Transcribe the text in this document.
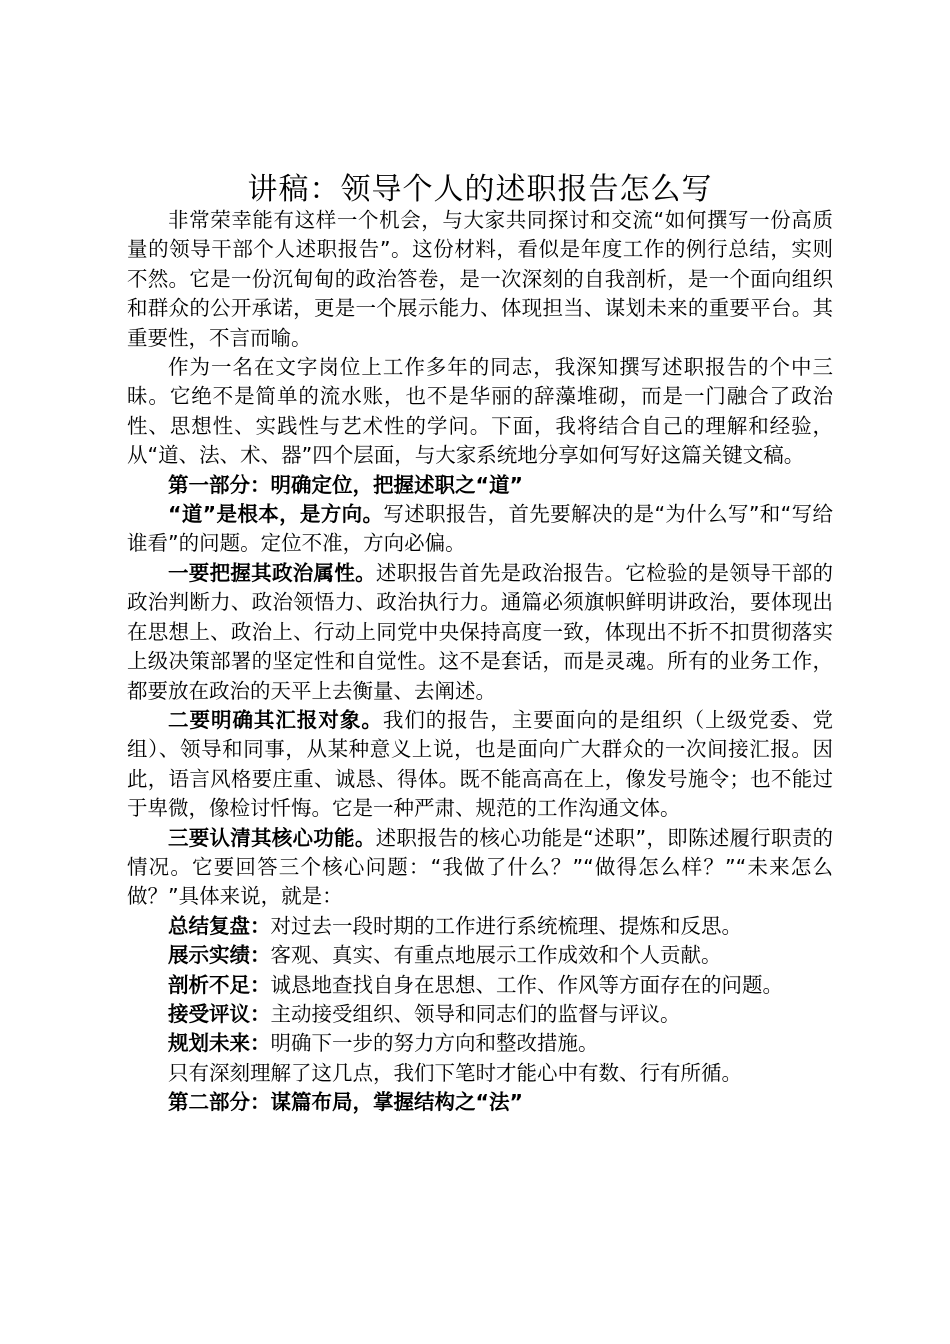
讲稿：领导个人的述职报告怎么写

非常荣幸能有这样一个机会，与大家共同探讨和交流“如何撰写一份高质量的领导干部个人述职报告”。这份材料，看似是年度工作的例行总结，实则不然。它是一份沉甸甸的政治答卷，是一次深刻的自我剖析，是一个面向组织和群众的公开承诺，更是一个展示能力、体现担当、谋划未来的重要平台。其重要性，不言而喻。

作为一名在文字岗位上工作多年的同志，我深知撰写述职报告的个中三昧。它绝不是简单的流水账，也不是华丽的辞藻堆砌，而是一门融合了政治性、思想性、实践性与艺术性的学问。下面，我将结合自己的理解和经验，从“道、法、术、器”四个层面，与大家系统地分享如何写好这篇关键文稿。

第一部分：明确定位，把握述职之“道”

“道”是根本，是方向。写述职报告，首先要解决的是“为什么写”和“写给谁看”的问题。定位不准，方向必偏。

一要把握其政治属性。述职报告首先是政治报告。它检验的是领导干部的政治判断力、政治领悟力、政治执行力。通篇必须旗帜鲜明讲政治，要体现出在思想上、政治上、行动上同党中央保持高度一致，体现出不折不扣贯彻落实上级决策部署的坚定性和自觉性。这不是套话，而是灵魂。所有的业务工作，都要放在政治的天平上去衡量、去阐述。

二要明确其汇报对象。我们的报告，主要面向的是组织（上级党委、党组）、领导和同事，从某种意义上说，也是面向广大群众的一次间接汇报。因此，语言风格要庄重、诚恳、得体。既不能高高在上，像发号施令；也不能过于卑微，像检讨忏悔。它是一种严肃、规范的工作沟通文体。

三要认清其核心功能。述职报告的核心功能是“述职”，即陈述履行职责的情况。它要回答三个核心问题：“我做了什么？”“做得怎么样？”“未来怎么做？”具体来说，就是：

总结复盘：对过去一段时期的工作进行系统梳理、提炼和反思。

展示实绩：客观、真实、有重点地展示工作成效和个人贡献。

剖析不足：诚恳地查找自身在思想、工作、作风等方面存在的问题。

接受评议：主动接受组织、领导和同志们的监督与评议。

规划未来：明确下一步的努力方向和整改措施。

只有深刻理解了这几点，我们下笔时才能心中有数、行有所循。

第二部分：谋篇布局，掌握结构之“法”
